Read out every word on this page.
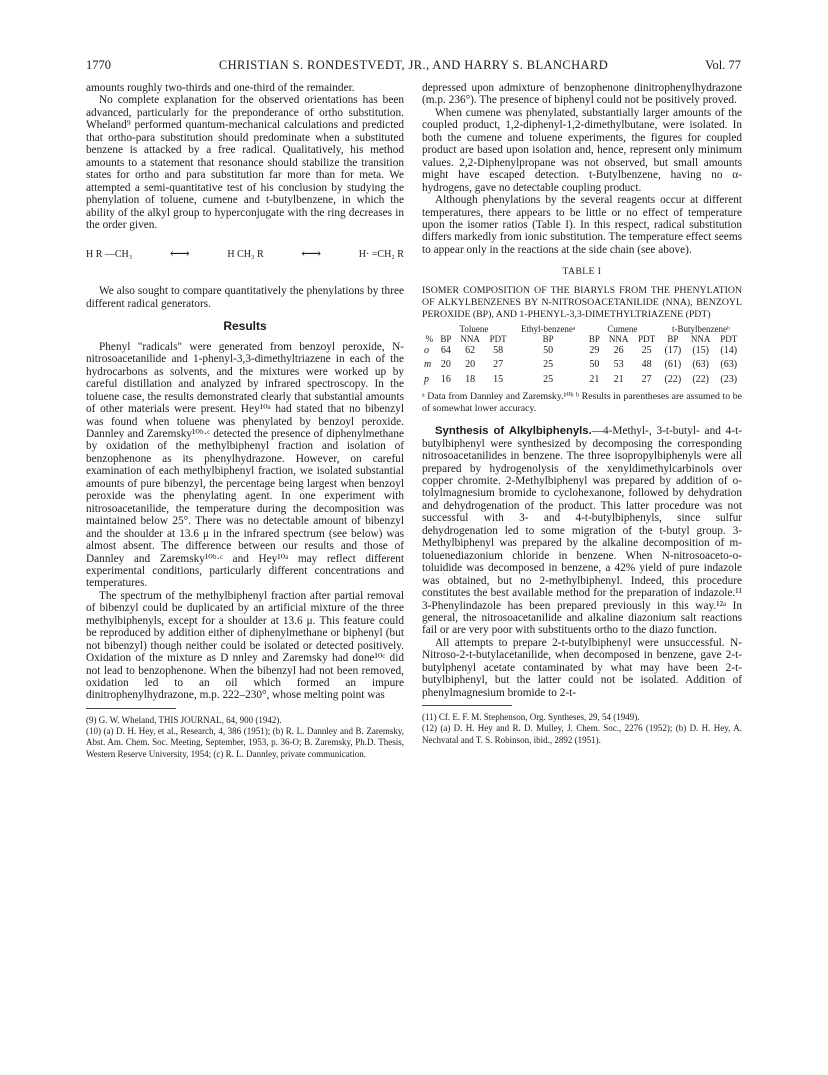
1770	CHRISTIAN S. RONDESTVEDT, JR., AND HARRY S. BLANCHARD	Vol. 77

amounts roughly two-thirds and one-third of the remainder.

No complete explanation for the observed orientations has been advanced, particularly for the preponderance of ortho substitution. Wheland⁹ performed quantum-mechanical calculations and predicted that ortho-para substitution should predominate when a substituted benzene is attacked by a free radical. Qualitatively, his method amounts to a statement that resonance should stabilize the transition states for ortho and para substitution far more than for meta. We attempted a semi-quantitative test of his conclusion by studying the phenylation of toluene, cumene and t-butylbenzene, in which the ability of the alkyl group to hyperconjugate with the ring decreases in the order given.

H R —CH₃	⟷	H CH₃ R	⟷	H· =CH₂ R

We also sought to compare quantitatively the phenylations by three different radical generators.

Results

Phenyl "radicals" were generated from benzoyl peroxide, N-nitrosoacetanilide and 1-phenyl-3,3-dimethyltriazene in each of the hydrocarbons as solvents, and the mixtures were worked up by careful distillation and analyzed by infrared spectroscopy. In the toluene case, the results demonstrated clearly that substantial amounts of other materials were present. Hey¹⁰ᵃ had stated that no bibenzyl was found when toluene was phenylated by benzoyl peroxide. Dannley and Zaremsky¹⁰ᵇ·ᶜ detected the presence of diphenylmethane by oxidation of the methylbiphenyl fraction and isolation of benzophenone as its phenylhydrazone. However, on careful examination of each methylbiphenyl fraction, we isolated substantial amounts of pure bibenzyl, the percentage being largest when benzoyl peroxide was the phenylating agent. In one experiment with nitrosoacetanilide, the temperature during the decomposition was maintained below 25°. There was no detectable amount of bibenzyl and the shoulder at 13.6 μ in the infrared spectrum (see below) was almost absent. The difference between our results and those of Dannley and Zaremsky¹⁰ᵇ·ᶜ and Hey¹⁰ᵃ may reflect different experimental conditions, particularly different concentrations and temperatures.

The spectrum of the methylbiphenyl fraction after partial removal of bibenzyl could be duplicated by an artificial mixture of the three methylbiphenyls, except for a shoulder at 13.6 μ. This feature could be reproduced by addition either of diphenylmethane or biphenyl (but not bibenzyl) though neither could be isolated or detected positively. Oxidation of the mixture as D nnley and Zaremsky had done¹⁰ᶜ did not lead to benzophenone. When the bibenzyl had not been removed, oxidation led to an oil which formed an impure dinitrophenylhydrazone, m.p. 222–230°, whose melting point was

(9) G. W. Wheland, THIS JOURNAL, 64, 900 (1942).

(10) (a) D. H. Hey, et al., Research, 4, 386 (1951); (b) R. L. Dannley and B. Zaremsky, Abst. Am. Chem. Soc. Meeting, September, 1953, p. 36-O; B. Zaremsky, Ph.D. Thesis, Western Reserve University, 1954; (c) R. L. Dannley, private communication.

depressed upon admixture of benzophenone dinitrophenylhydrazone (m.p. 236°). The presence of biphenyl could not be positively proved.

When cumene was phenylated, substantially larger amounts of the coupled product, 1,2-diphenyl-1,2-dimethylbutane, were isolated. In both the cumene and toluene experiments, the figures for coupled product are based upon isolation and, hence, represent only minimum values. 2,2-Diphenylpropane was not observed, but small amounts might have escaped detection. t-Butylbenzene, having no α-hydrogens, gave no detectable coupling product.

Although phenylations by the several reagents occur at different temperatures, there appears to be little or no effect of temperature upon the isomer ratios (Table I). In this respect, radical substitution differs markedly from ionic substitution. The temperature effect seems to appear only in the reactions at the side chain (see above).

TABLE I
ISOMER COMPOSITION OF THE BIARYLS FROM THE PHENYLATION OF ALKYLBENZENES BY N-NITROSOACETANILIDE (NNA), BENZOYL PEROXIDE (BP), AND 1-PHENYL-3,3-DIMETHYLTRIAZENE (PDT)
	Toluene			Ethyl-benzeneᵃ	Cumene			t-Butylbenzeneᵇ		
%	BP	NNA	PDT	BP	BP	NNA	PDT	BP	NNA	PDT
o	64	62	58	50	29	26	25	(17)	(15)	(14)
m	20	20	27	25	50	53	48	(61)	(63)	(63)
p	16	18	15	25	21	21	27	(22)	(22)	(23)
ᵃ Data from Dannley and Zaremsky.¹⁰ᵇ ᵇ Results in parentheses are assumed to be of somewhat lower accuracy.

Synthesis of Alkylbiphenyls.—4-Methyl-, 3-t-butyl- and 4-t-butylbiphenyl were synthesized by decomposing the corresponding nitrosoacetanilides in benzene. The three isopropylbiphenyls were all prepared by hydrogenolysis of the xenyldimethylcarbinols over copper chromite. 2-Methylbiphenyl was prepared by addition of o-tolylmagnesium bromide to cyclohexanone, followed by dehydration and dehydrogenation of the product. This latter procedure was not successful with 3- and 4-t-butylbiphenyls, since sulfur dehydrogenation led to some migration of the t-butyl group. 3-Methylbiphenyl was prepared by the alkaline decomposition of m-toluenediazonium chloride in benzene. When N-nitrosoaceto-o-toluidide was decomposed in benzene, a 42% yield of pure indazole was obtained, but no 2-methylbiphenyl. Indeed, this procedure constitutes the best available method for the preparation of indazole.¹¹ 3-Phenylindazole has been prepared previously in this way.¹²ᵃ In general, the nitrosoacetanilide and alkaline diazonium salt reactions fail or are very poor with substituents ortho to the diazo function.

All attempts to prepare 2-t-butylbiphenyl were unsuccessful. N-Nitroso-2-t-butylacetanilide, when decomposed in benzene, gave 2-t-butylphenyl acetate contaminated by what may have been 2-t-butylbiphenyl, but the latter could not be isolated. Addition of phenylmagnesium bromide to 2-t-

(11) Cf. E. F. M. Stephenson, Org. Syntheses, 29, 54 (1949).

(12) (a) D. H. Hey and R. D. Mulley, J. Chem. Soc., 2276 (1952); (b) D. H. Hey, A. Nechvatal and T. S. Robinson, ibid., 2892 (1951).
